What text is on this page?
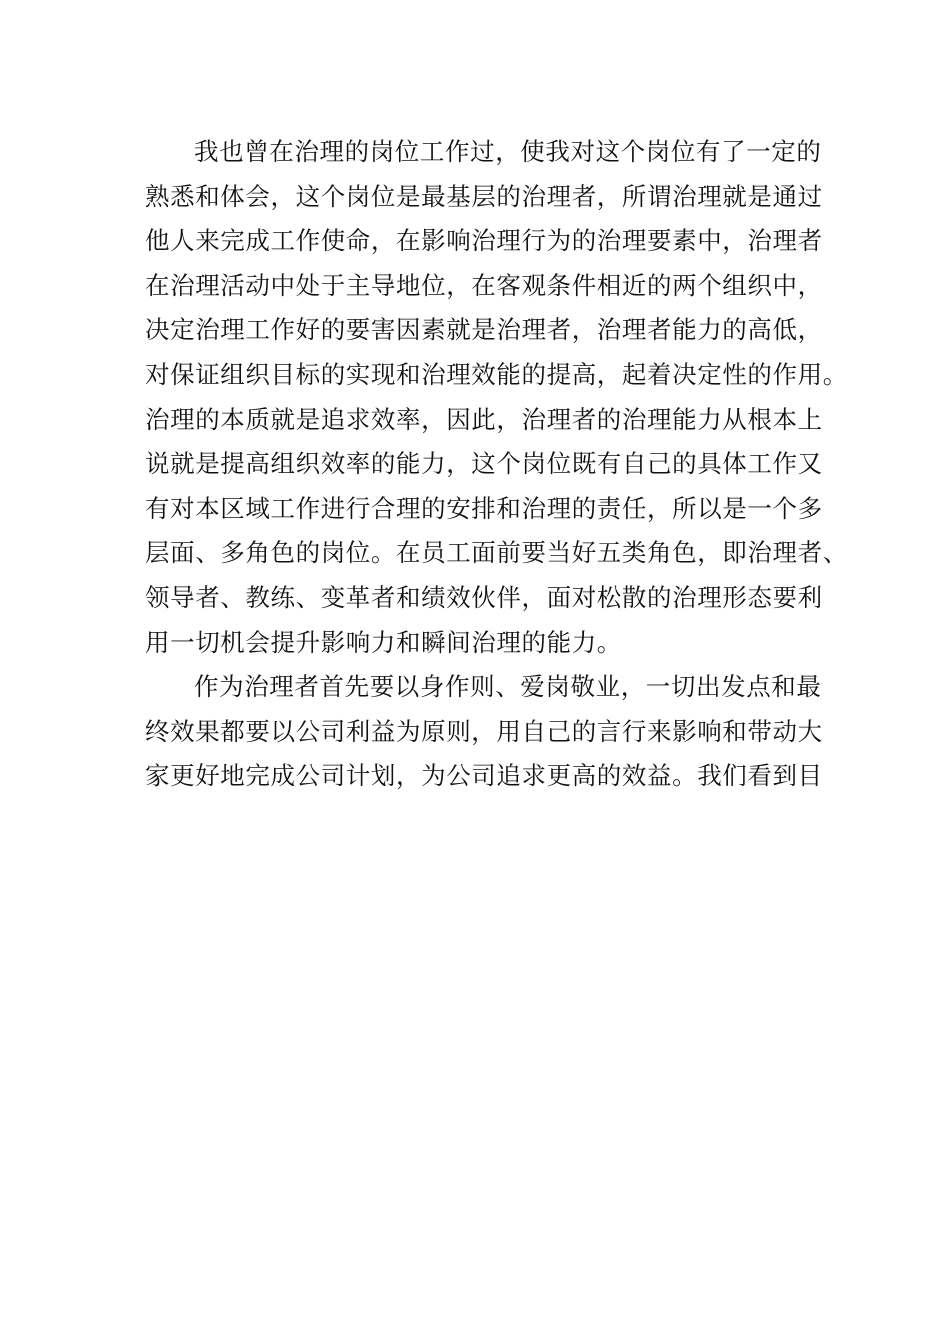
我也曾在治理的岗位工作过，使我对这个岗位有了一定的
熟悉和体会，这个岗位是最基层的治理者，所谓治理就是通过
他人来完成工作使命，在影响治理行为的治理要素中，治理者
在治理活动中处于主导地位，在客观条件相近的两个组织中，
决定治理工作好的要害因素就是治理者，治理者能力的高低，
对保证组织目标的实现和治理效能的提高，起着决定性的作用。
治理的本质就是追求效率，因此，治理者的治理能力从根本上
说就是提高组织效率的能力，这个岗位既有自己的具体工作又
有对本区域工作进行合理的安排和治理的责任，所以是一个多
层面、多角色的岗位。在员工面前要当好五类角色，即治理者、
领导者、教练、变革者和绩效伙伴，面对松散的治理形态要利
用一切机会提升影响力和瞬间治理的能力。
作为治理者首先要以身作则、爱岗敬业，一切出发点和最
终效果都要以公司利益为原则，用自己的言行来影响和带动大
家更好地完成公司计划，为公司追求更高的效益。我们看到目
